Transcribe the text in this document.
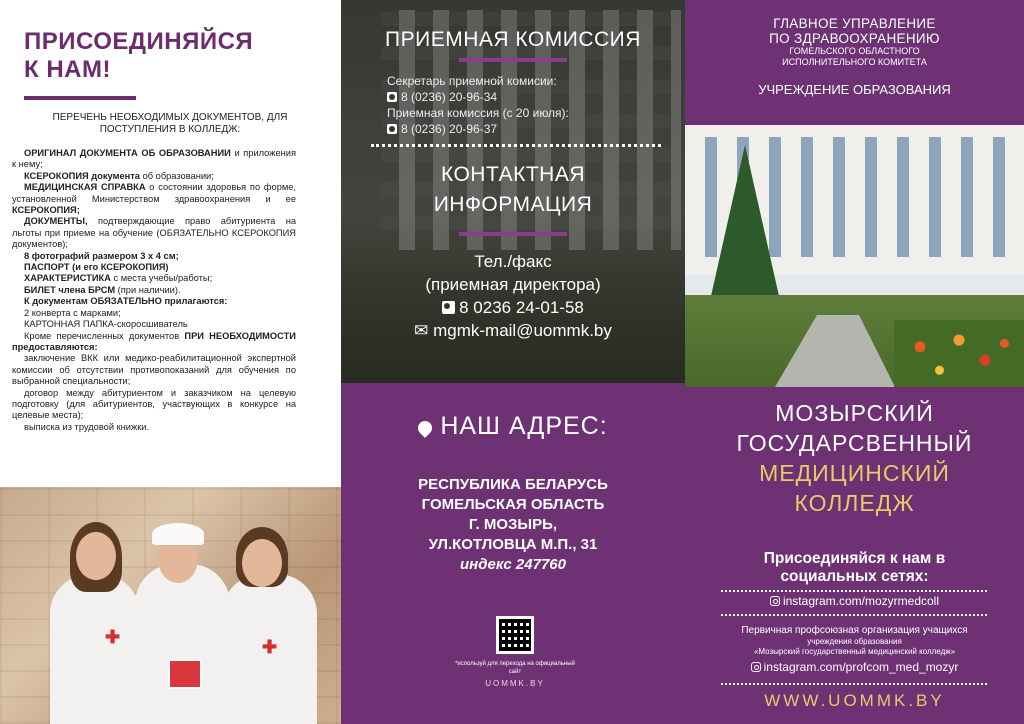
ПРИСОЕДИНЯЙСЯ
К НАМ!
ПЕРЕЧЕНЬ НЕОБХОДИМЫХ ДОКУМЕНТОВ, ДЛЯ ПОСТУПЛЕНИЯ В КОЛЛЕДЖ:

ОРИГИНАЛ ДОКУМЕНТА ОБ ОБРАЗОВАНИИ и приложения к нему;

КСЕРОКОПИЯ документа об образовании;

МЕДИЦИНСКАЯ СПРАВКА о состоянии здоровья по форме, установленной Министерством здравоохранения и ее КСЕРОКОПИЯ;

ДОКУМЕНТЫ, подтверждающие право абитуриента на льготы при приеме на обучение (ОБЯЗАТЕЛЬНО КСЕРОКОПИЯ документов);

8 фотографий размером 3 х 4 см;

ПАСПОРТ (и его КСЕРОКОПИЯ)

ХАРАКТЕРИСТИКА с места учебы/работы;

БИЛЕТ члена БРСМ (при наличии).

К документам ОБЯЗАТЕЛЬНО прилагаются:

2 конверта с марками;

КАРТОННАЯ ПАПКА-скоросшиватель

Кроме перечисленных документов ПРИ НЕОБХОДИМОСТИ предоставляются:

заключение ВКК или медико-реабилитационной экспертной комиссии об отсутствии противопоказаний для обучения по выбранной специальности;

договор между абитуриентом и заказчиком на целевую подготовку (для абитуриентов, участвующих в конкурсе на целевые места);

выписка из трудовой книжки.

✚	✚
ПРИЕМНАЯ КОМИССИЯ
Секретарь приемной комисии:
8 (0236) 20-96-34
Приемная комиссия (с 20 июля):
8 (0236) 20-96-37
КОНТАКТНАЯ
ИНФОРМАЦИЯ
Тел./факс
(приемная директора)
8 0236 24-01-58
✉ mgmk-mail@uommk.by
НАШ АДРЕС:
РЕСПУБЛИКА БЕЛАРУСЬ
ГОМЕЛЬСКАЯ ОБЛАСТЬ
Г. МОЗЫРЬ,
УЛ.КОТЛОВЦА М.П., 31
индекс 247760
*используй для перехода на официальный сайт
UOMMK.BY
ГЛАВНОЕ УПРАВЛЕНИЕ
ПО ЗДРАВООХРАНЕНИЮ
ГОМЕЛЬСКОГО ОБЛАСТНОГО
ИСПОЛНИТЕЛЬНОГО КОМИТЕТА
УЧРЕЖДЕНИЕ ОБРАЗОВАНИЯ
МОЗЫРСКИЙ
ГОСУДАРСВЕННЫЙ
МЕДИЦИНСКИЙ
КОЛЛЕДЖ
Присоединяйся к нам в
социальных сетях:
instagram.com/mozyrmedcoll
Первичная профсоюзная организация учащихся
учреждения образования
«Мозырский государственный медицинский колледж»
instagram.com/profcom_med_mozyr
WWW.UOMMK.BY
